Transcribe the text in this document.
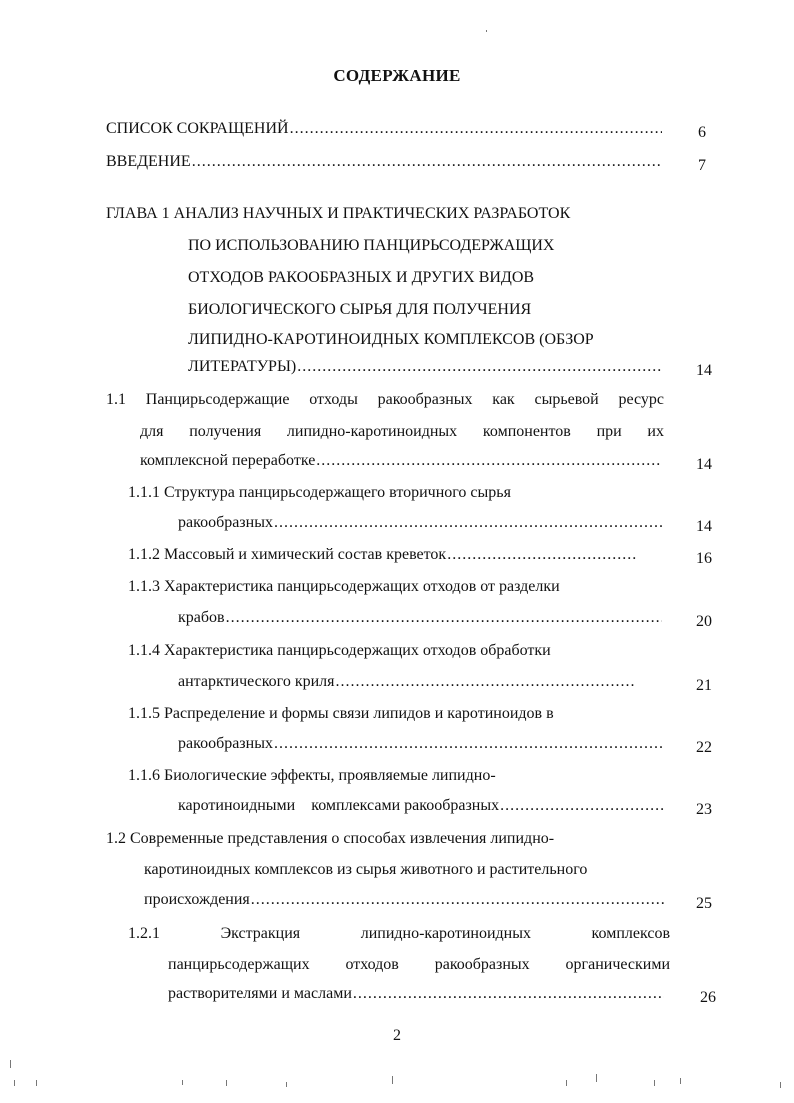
СОДЕРЖАНИЕ
СПИСОК СОКРАЩЕНИЙ .....	6
ВВЕДЕНИЕ .....	7
ГЛАВА 1 АНАЛИЗ НАУЧНЫХ И ПРАКТИЧЕСКИХ РАЗРАБОТОК
ПО ИСПОЛЬЗОВАНИЮ ПАНЦИРЬСОДЕРЖАЩИХ
ОТХОДОВ РАКООБРАЗНЫХ И ДРУГИХ ВИДОВ
БИОЛОГИЧЕСКОГО СЫРЬЯ ДЛЯ ПОЛУЧЕНИЯ
ЛИПИДНО-КАРОТИНОИДНЫХ КОМПЛЕКСОВ (ОБЗОР
ЛИТЕРАТУРЫ) .....	14
1.1 Панцирьсодержащие отходы ракообразных как сырьевой ресурс
для получения липидно-каротиноидных компонентов при их
комплексной переработке .....	14
1.1.1 Структура панцирьсодержащего вторичного сырья
ракообразных .....	14
1.1.2 Массовый и химический состав креветок .....	16
1.1.3 Характеристика панцирьсодержащих отходов от разделки
крабов .....	20
1.1.4 Характеристика панцирьсодержащих отходов обработки
антарктического криля .....	21
1.1.5 Распределение и формы связи липидов и каротиноидов в
ракообразных .....	22
1.1.6 Биологические эффекты, проявляемые липидно-
каротиноидными    комплексами ракообразных .....	23
1.2 Современные представления о способах извлечения липидно-
каротиноидных комплексов из сырья животного и растительного
происхождения .....	25
1.2.1 Экстракция липидно-каротиноидных комплексов
панцирьсодержащих отходов ракообразных органическими
растворителями и маслами .....	26
2
